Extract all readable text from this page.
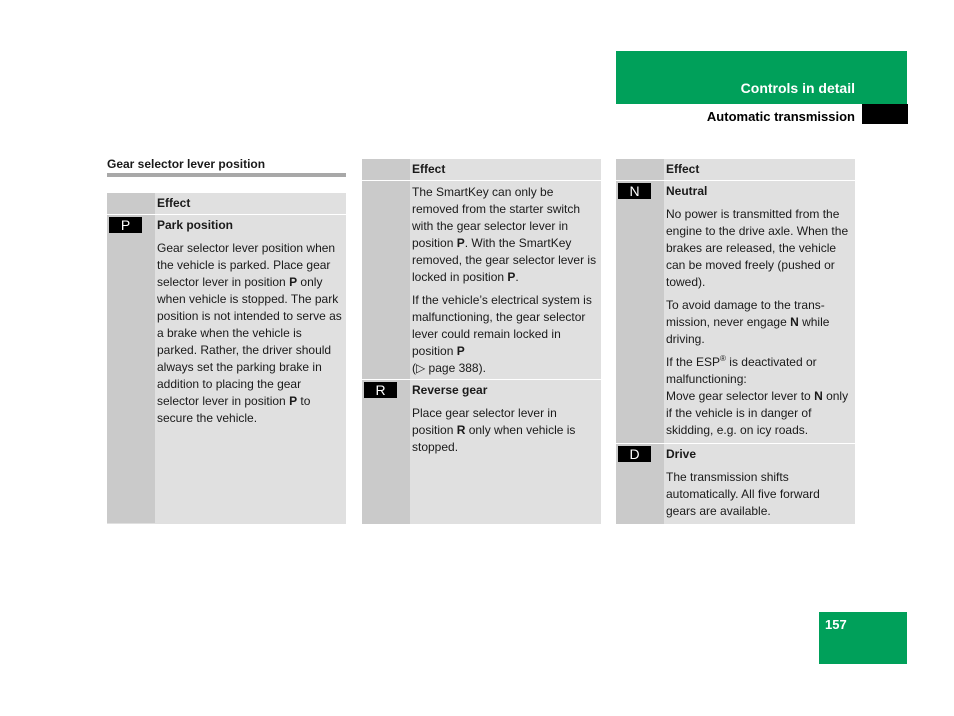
Controls in detail
Automatic transmission
Gear selector lever position
Effect
P	Park position

Gear selector lever position when the vehicle is parked. Place gear selector lever in position P only when vehicle is stopped. The park position is not intended to serve as a brake when the vehicle is parked. Rather, the driver should always set the parking brake in addition to placing the gear selector lever in position P to secure the vehicle.

Effect

The SmartKey can only be removed from the starter switch with the gear selector lever in position P. With the SmartKey removed, the gear selector lever is locked in position P.

If the vehicle’s electrical system is malfunctioning, the gear selector lever could remain locked in position P
(▷ page 388).

R	Reverse gear

Place gear selector lever in position R only when vehicle is stopped.

Effect
N	Neutral

No power is transmitted from the engine to the drive axle. When the brakes are released, the vehicle can be moved freely (pushed or towed).

To avoid damage to the trans-mission, never engage N while driving.

If the ESP® is deactivated or malfunctioning:
Move gear selector lever to N only if the vehicle is in danger of skidding, e.g. on icy roads.

D	Drive

The transmission shifts automatically. All five forward gears are available.

157
